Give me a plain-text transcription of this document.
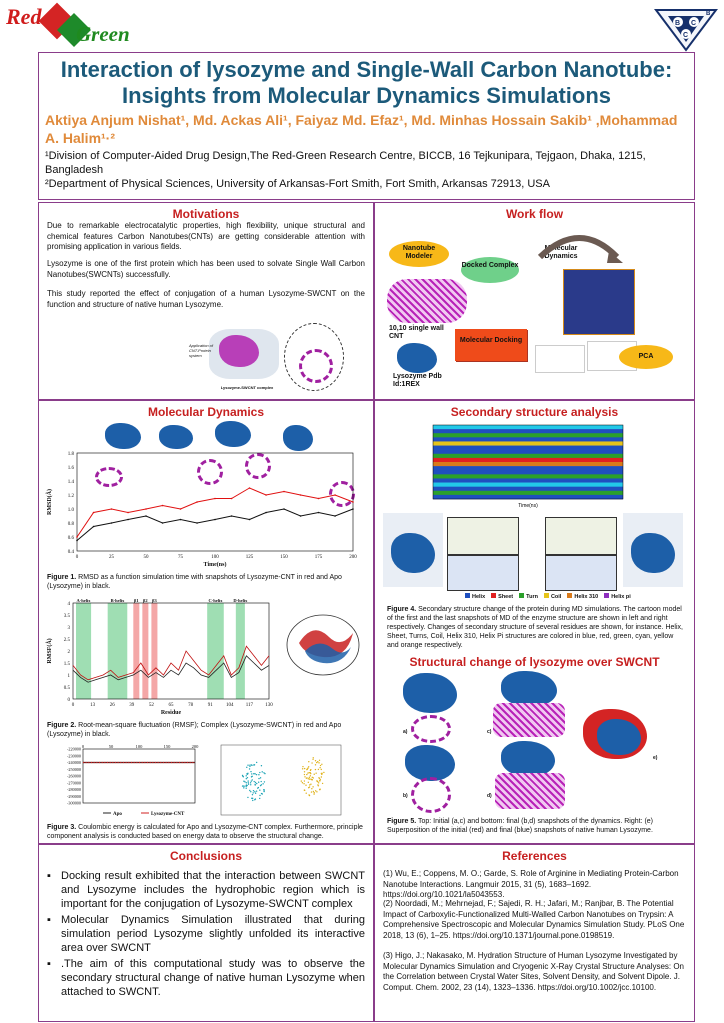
Red
Green	B C
C
B
Interaction of lysozyme and Single-Wall Carbon Nanotube: Insights from Molecular Dynamics Simulations
Aktiya Anjum Nishat¹, Md. Ackas Ali¹, Faiyaz Md. Efaz¹, Md. Minhas Hossain Sakib¹ ,Mohammad A. Halim¹·²
¹Division of Computer-Aided Drug Design,The Red-Green Research Centre, BICCB, 16 Tejkunipara, Tejgaon, Dhaka, 1215, Bangladesh
²Department of Physical Sciences, University of Arkansas-Fort Smith, Fort Smith, Arkansas 72913, USA
Motivations
Due to remarkable electrocatalytic properties, high flexibility, unique structural and chemical features Carbon Nanotubes(CNTs) are getting considerable attention with promising application in various fields.
Lysozyme is one of the first protein which has been used to solvate Single Wall Carbon Nanotubes(SWCNTs) successfully.
This study reported the effect of conjugation of a human Lysozyme-SWCNT on the function and structure of native human Lysozyme.
Application of CNT-Protein system
Lysozyme-SWCNT complex
Work flow
Nanotube Modeler
Docked Complex
Molecular Dynamics
10,10 single wall CNT
Molecular Docking
Lysozyme Pdb Id:1REX
PCA
Molecular Dynamics
1.8
1.6
1.4
1.2
1.0
0.8
0.6
0.4
0	25	50	75	100	125	150	175	200
Time(ns)
RMSD(Å)
Figure 1. RMSD as a function simulation time with snapshots of Lysozyme-CNT in red and Apo (Lysozyme) in black.
A-helix	B-helix β1 β2 β3	C-helix D-helix
4
3.5
3
2.5
2
1.5
1
0.5
0
0	13	26	39	52	65	78	91	104 117 130
Residue
RMSF(Å)
Figure 2. Root-mean-square fluctuation (RMSF); Complex (Lysozyme-SWCNT) in red and Apo (Lysozyme) in black.
-220000
-230000
-240000
-250000
-260000
-270000
-280000
-290000
-300000
0	50	100	150	200
Apo	Lysozyme-CNT
Figure 3. Coulombic energy is calculated for Apo and Lysozyme-CNT complex. Furthermore, principle component analysis is conducted based on energy data to observe the structural change.
Secondary structure analysis
Time(ns)
Helix Sheet Turn Coil Helix 310 Helix pi
Figure 4. Secondary structure change of the protein during MD simulations. The cartoon model of the first and the last snapshots of MD of the enzyme structure are shown in left and right respectively. Changes of secondary structure of several residues are shown, for instance. Helix, Sheet, Turns, Coil, Helix 310, Helix Pi structures are colored in blue, red, green, cyan, yellow and orange respectively.
Structural change of lysozyme over SWCNT
a)	c)
e)
b)	d)
Figure 5. Top: Initial (a,c) and bottom: final (b,d) snapshots of the dynamics. Right: (e) Superposition of the initial (red) and final (blue) snapshots of native human Lysozyme.
Conclusions
▪ Docking result exhibited that the interaction between SWCNT and Lysozyme includes the hydrophobic region which is important for the conjugation of Lysozyme-SWCNT complex
▪ Molecular Dynamics Simulation illustrated that during simulation period Lysozyme slightly unfolded its interactive area over SWCNT
▪ .The aim of this computational study was to observe the secondary structural change of native human Lysozyme when attached to SWCNT.
References
(1) Wu, E.; Coppens, M. O.; Garde, S. Role of Arginine in Mediating Protein-Carbon Nanotube Interactions. Langmuir 2015, 31 (5), 1683–1692. https://doi.org/10.1021/la5043553.
(2) Noordadi, M.; Mehrnejad, F.; Sajedi, R. H.; Jafari, M.; Ranjbar, B. The Potential Impact of Carboxylic-Functionalized Multi-Walled Carbon Nanotubes on Trypsin: A Comprehensive Spectroscopic and Molecular Dynamics Simulation Study. PLoS One 2018, 13 (6), 1–25. https://doi.org/10.1371/journal.pone.0198519.
(3) Higo, J.; Nakasako, M. Hydration Structure of Human Lysozyme Investigated by Molecular Dynamics Simulation and Cryogenic X-Ray Crystal Structure Analyses: On the Correlation between Crystal Water Sites, Solvent Density, and Solvent Dipole. J. Comput. Chem. 2002, 23 (14), 1323–1336. https://doi.org/10.1002/jcc.10100.
